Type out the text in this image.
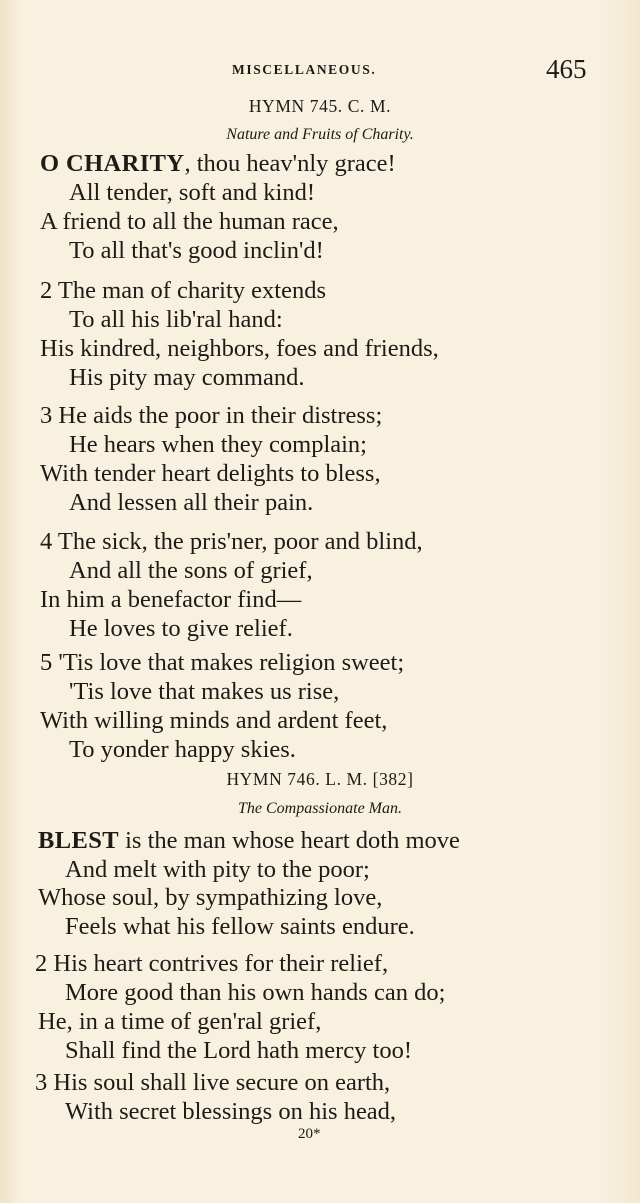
MISCELLANEOUS.	465
HYMN 745. C. M.
Nature and Fruits of Charity.
O CHARITY, thou heav'nly grace!
All tender, soft and kind!
A friend to all the human race,
To all that's good inclin'd!
2 The man of charity extends
To all his lib'ral hand:
His kindred, neighbors, foes and friends,
His pity may command.
3 He aids the poor in their distress;
He hears when they complain;
With tender heart delights to bless,
And lessen all their pain.
4 The sick, the pris'ner, poor and blind,
And all the sons of grief,
In him a benefactor find—
He loves to give relief.
5 'Tis love that makes religion sweet;
'Tis love that makes us rise,
With willing minds and ardent feet,
To yonder happy skies.
HYMN 746. L. M. [382]
The Compassionate Man.
BLEST is the man whose heart doth move
And melt with pity to the poor;
Whose soul, by sympathizing love,
Feels what his fellow saints endure.
2 His heart contrives for their relief,
More good than his own hands can do;
He, in a time of gen'ral grief,
Shall find the Lord hath mercy too!
3 His soul shall live secure on earth,
With secret blessings on his head,
20*
